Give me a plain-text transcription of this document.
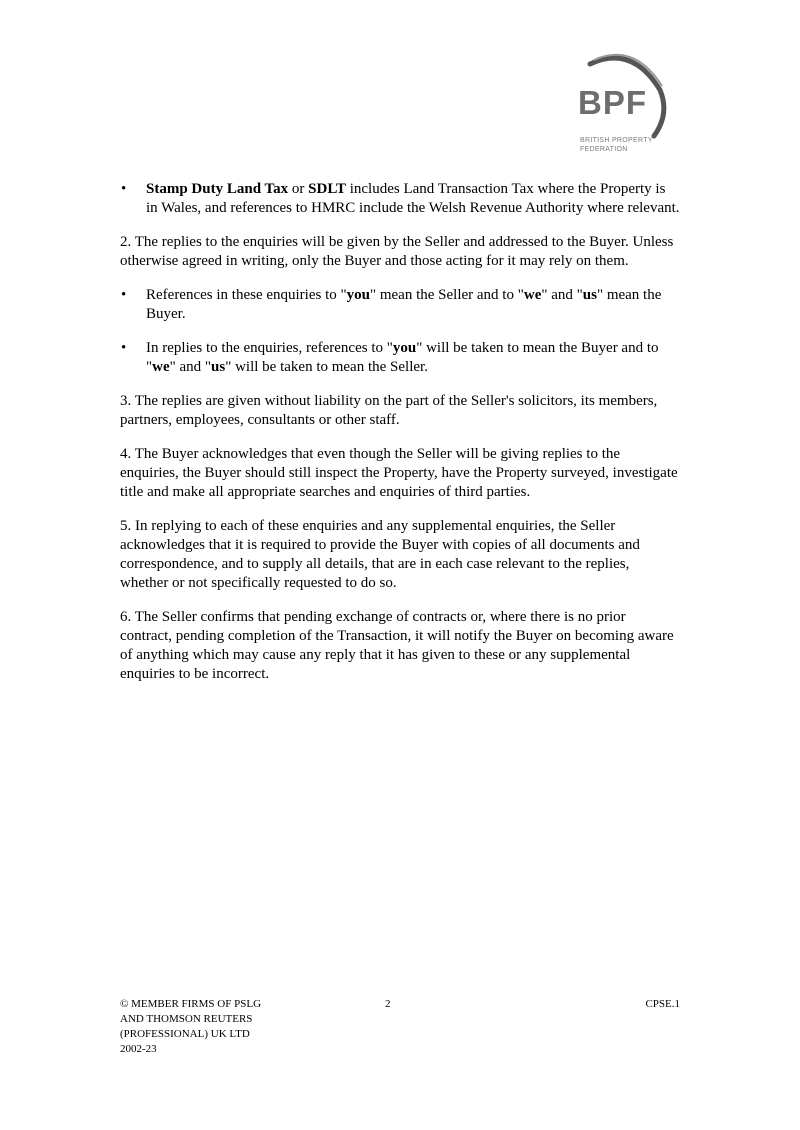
BPF
BRITISH PROPERTY
FEDERATION
• Stamp Duty Land Tax or SDLT includes Land Transaction Tax where the Property is in Wales, and references to HMRC include the Welsh Revenue Authority where relevant.

2. The replies to the enquiries will be given by the Seller and addressed to the Buyer. Unless otherwise agreed in writing, only the Buyer and those acting for it may rely on them.

• References in these enquiries to "you" mean the Seller and to "we" and "us" mean the Buyer.
• In replies to the enquiries, references to "you" will be taken to mean the Buyer and to "we" and "us" will be taken to mean the Seller.

3. The replies are given without liability on the part of the Seller's solicitors, its members, partners, employees, consultants or other staff.

4. The Buyer acknowledges that even though the Seller will be giving replies to the enquiries, the Buyer should still inspect the Property, have the Property surveyed, investigate title and make all appropriate searches and enquiries of third parties.

5. In replying to each of these enquiries and any supplemental enquiries, the Seller acknowledges that it is required to provide the Buyer with copies of all documents and correspondence, and to supply all details, that are in each case relevant to the replies, whether or not specifically requested to do so.

6. The Seller confirms that pending exchange of contracts or, where there is no prior contract, pending completion of the Transaction, it will notify the Buyer on becoming aware of anything which may cause any reply that it has given to these or any supplemental enquiries to be incorrect.

© MEMBER FIRMS OF PSLG
AND THOMSON REUTERS
(PROFESSIONAL) UK LTD
2002-23
2	CPSE.1
